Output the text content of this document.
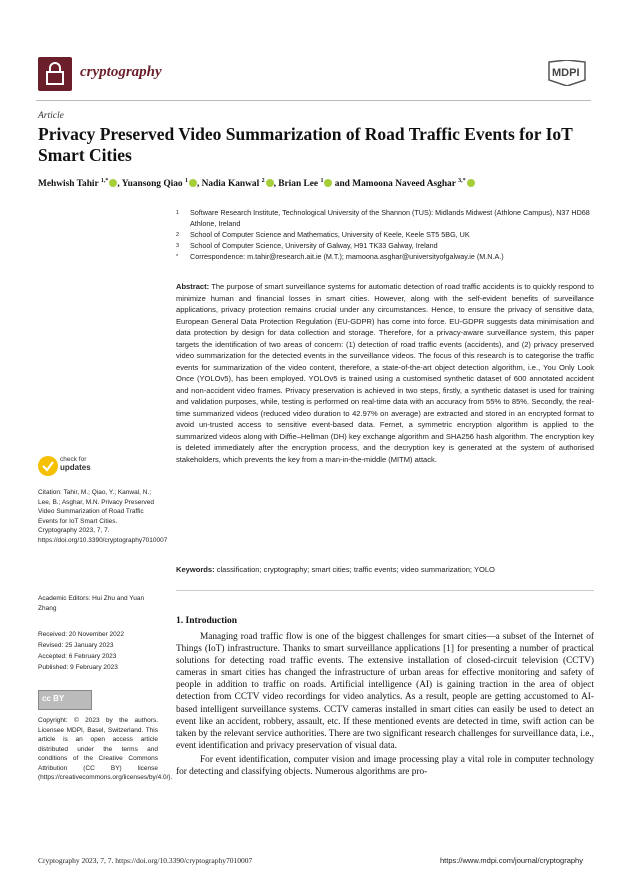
cryptography	MDPI
Article
Privacy Preserved Video Summarization of Road Traffic Events for IoT Smart Cities
Mehwish Tahir $^{1,*}$ , Yuansong Qiao $^1$ , Nadia Kanwal $^2$ , Brian Lee $^1$ and Mamoona Naveed Asghar $^{3,*}$
1	Software Research Institute, Technological University of the Shannon (TUS): Midlands Midwest (Athlone Campus), N37 HD68 Athlone, Ireland
2	School of Computer Science and Mathematics, University of Keele, Keele ST5 5BG, UK
3	School of Computer Science, University of Galway, H91 TK33 Galway, Ireland
*	Correspondence: m.tahir@research.ait.ie (M.T.); mamoona.asghar@universityofgalway.ie (M.N.A.)
Abstract: The purpose of smart surveillance systems for automatic detection of road traffic accidents is to quickly respond to minimize human and financial losses in smart cities. However, along with the self-evident benefits of surveillance applications, privacy protection remains crucial under any circumstances. Hence, to ensure the privacy of sensitive data, European General Data Protection Regulation (EU-GDPR) has come into force. EU-GDPR suggests data minimisation and data protection by design for data collection and storage. Therefore, for a privacy-aware surveillance system, this paper targets the identification of two areas of concern: (1) detection of road traffic events (accidents), and (2) privacy preserved video summarization for the detected events in the surveillance videos. The focus of this research is to categorise the traffic events for summarization of the video content, therefore, a state-of-the-art object detection algorithm, i.e., You Only Look Once (YOLOv5), has been employed. YOLOv5 is trained using a customised synthetic dataset of 600 annotated accident and non-accident video frames. Privacy preservation is achieved in two steps, firstly, a synthetic dataset is used for training and validation purposes, while, testing is performed on real-time data with an accuracy from 55% to 85%. Secondly, the real-time summarized videos (reduced video duration to 42.97% on average) are extracted and stored in an encrypted format to avoid un-trusted access to sensitive event-based data. Fernet, a symmetric encryption algorithm is applied to the summarized videos along with Diffie–Hellman (DH) key exchange algorithm and SHA256 hash algorithm. The encryption key is deleted immediately after the encryption process, and the decryption key is generated at the system of authorised stakeholders, which prevents the key from a man-in-the-middle (MITM) attack.
Keywords: classification; cryptography; smart cities; traffic events; video summarization; YOLO
1. Introduction

Managing road traffic flow is one of the biggest challenges for smart cities—a subset of the Internet of Things (IoT) infrastructure. Thanks to smart surveillance applications [1] for presenting a number of practical solutions for detecting road traffic events. The extensive installation of closed-circuit television (CCTV) cameras in smart cities has changed the infrastructure of urban areas for effective monitoring and safety of people in addition to traffic on roads. Artificial intelligence (AI) is gaining traction in the area of object detection from CCTV video recordings for video analytics. As a result, people are getting accustomed to AI-based intelligent surveillance systems. CCTV cameras installed in smart cities can easily be used to detect an event like an accident, robbery, assault, etc. If these mentioned events are detected in time, swift action can be taken by the relevant service authorities. There are two significant research challenges for surveillance data, i.e., event identification and privacy preservation of visual data.

For event identification, computer vision and image processing play a vital role in computer technology for detecting and classifying objects. Numerous algorithms are pro-

check for
updates
Citation: Tahir, M.; Qiao, Y.; Kanwal, N.; Lee, B.; Asghar, M.N. Privacy Preserved Video Summarization of Road Traffic Events for IoT Smart Cities. Cryptography 2023, 7, 7. https://doi.org/10.3390/cryptography7010007
Academic Editors: Hui Zhu and Yuan Zhang
Received: 20 November 2022
Revised: 25 January 2023
Accepted: 6 February 2023
Published: 9 February 2023
cc BY
Copyright: © 2023 by the authors. Licensee MDPI, Basel, Switzerland. This article is an open access article distributed under the terms and conditions of the Creative Commons Attribution (CC BY) license (https://creativecommons.org/licenses/by/4.0/).
Cryptography 2023, 7, 7. https://doi.org/10.3390/cryptography7010007	https://www.mdpi.com/journal/cryptography
